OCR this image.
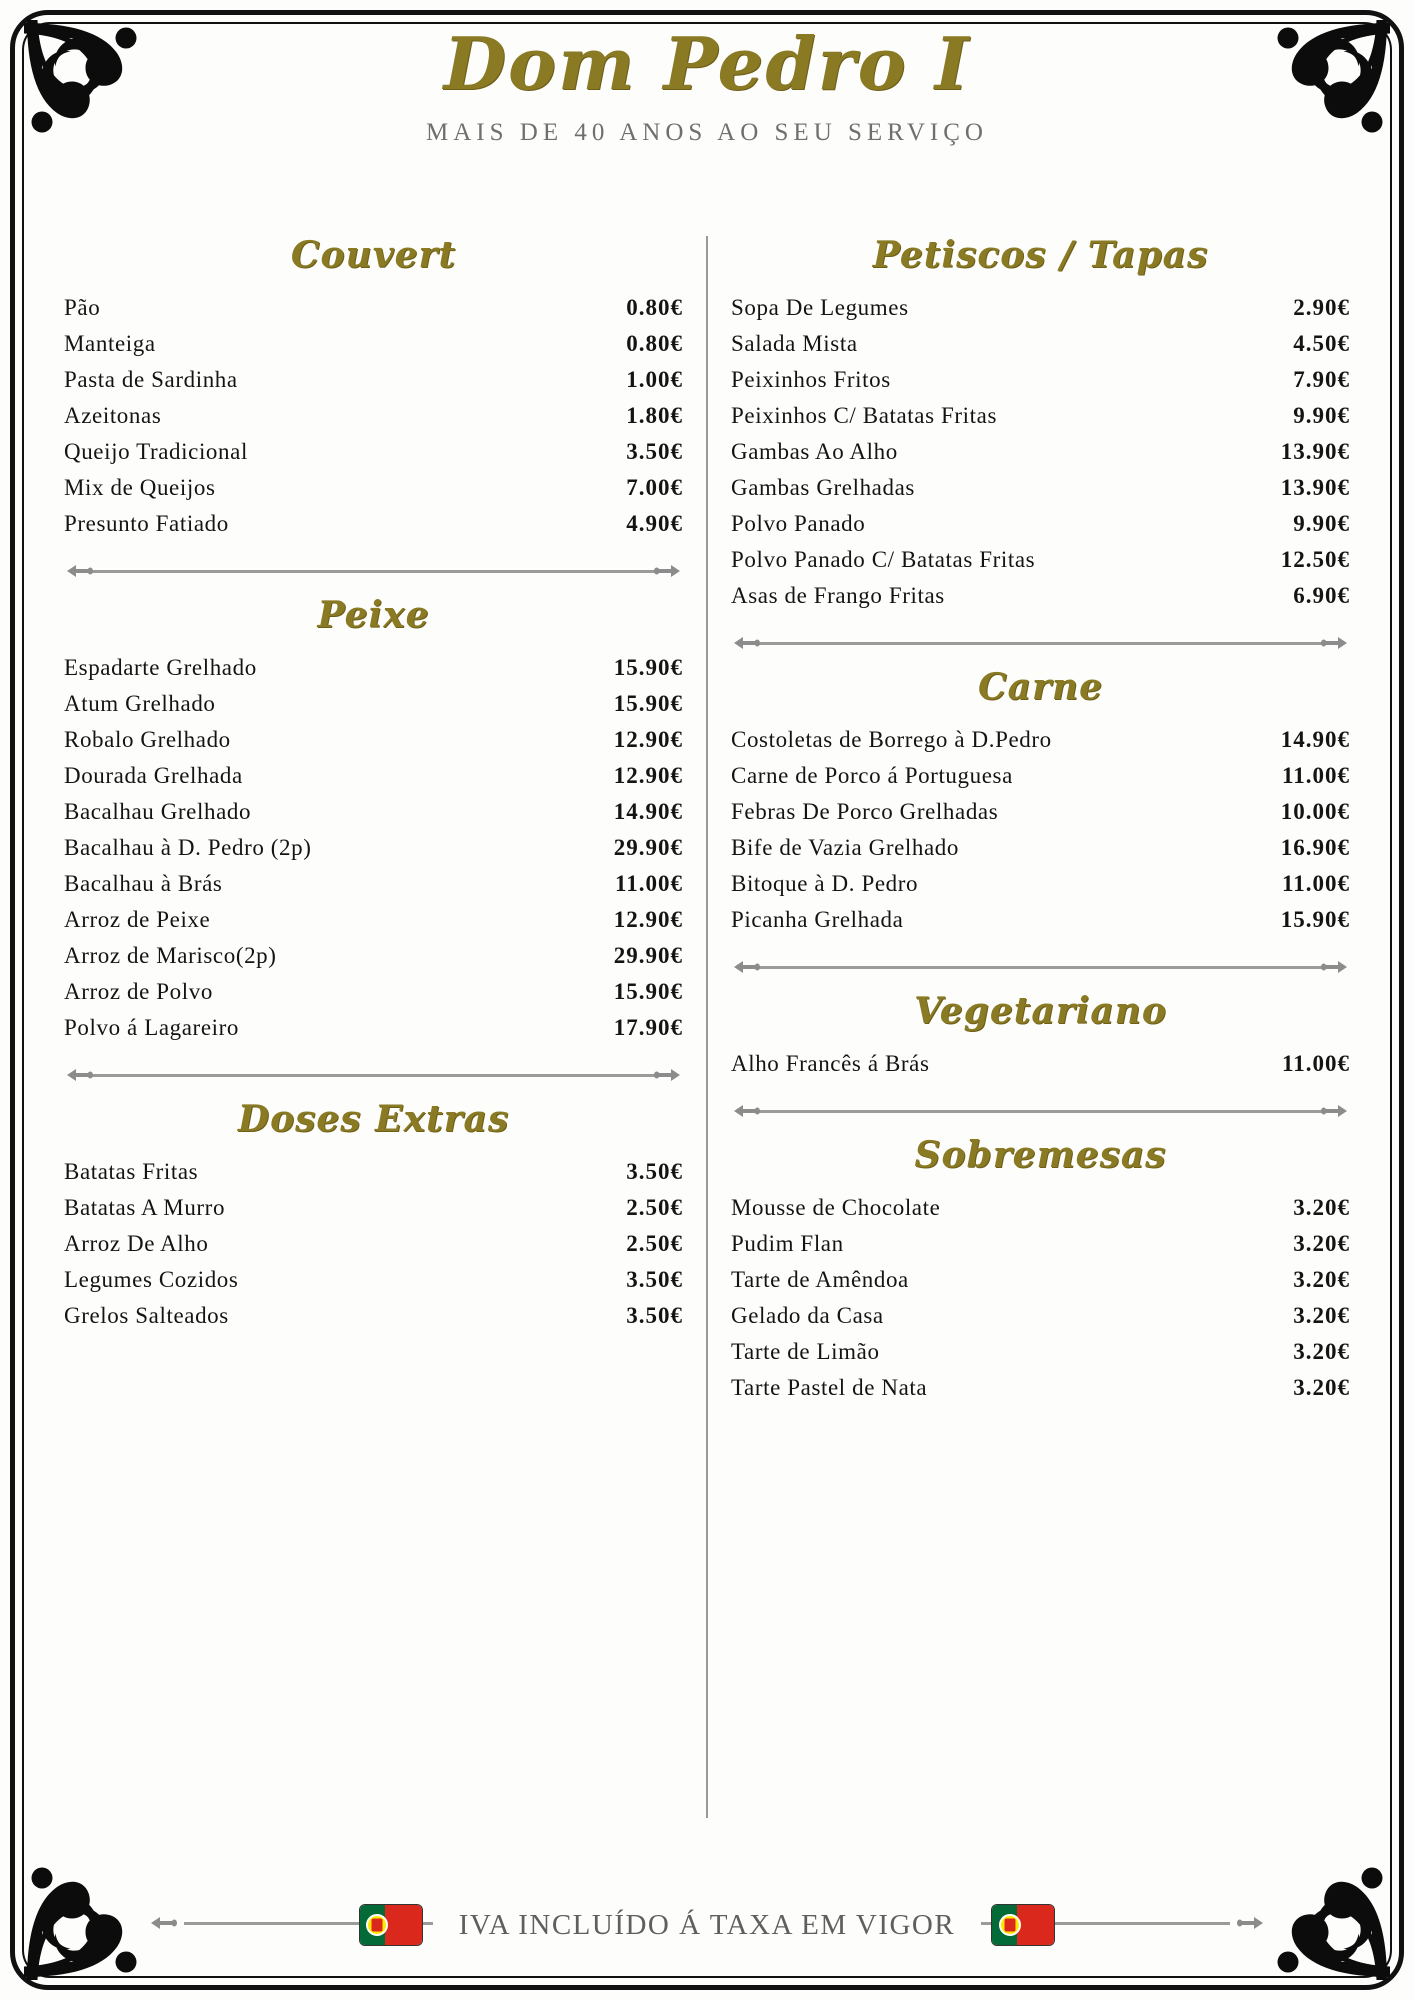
Dom Pedro I
MAIS DE 40 ANOS AO SEU SERVIÇO
Couvert
Pão	0.80€
Manteiga	0.80€
Pasta de Sardinha	1.00€
Azeitonas	1.80€
Queijo Tradicional	3.50€
Mix de Queijos	7.00€
Presunto Fatiado	4.90€
Peixe
Espadarte Grelhado	15.90€
Atum Grelhado	15.90€
Robalo Grelhado	12.90€
Dourada Grelhada	12.90€
Bacalhau Grelhado	14.90€
Bacalhau à D. Pedro (2p)	29.90€
Bacalhau à Brás	11.00€
Arroz de Peixe	12.90€
Arroz de Marisco(2p)	29.90€
Arroz de Polvo	15.90€
Polvo á Lagareiro	17.90€
Doses Extras
Batatas Fritas	3.50€
Batatas A Murro	2.50€
Arroz De Alho	2.50€
Legumes Cozidos	3.50€
Grelos Salteados	3.50€
Petiscos / Tapas
Sopa De Legumes	2.90€
Salada Mista	4.50€
Peixinhos Fritos	7.90€
Peixinhos C/ Batatas Fritas	9.90€
Gambas Ao Alho	13.90€
Gambas Grelhadas	13.90€
Polvo Panado	9.90€
Polvo Panado C/ Batatas Fritas	12.50€
Asas de Frango Fritas	6.90€
Carne
Costoletas de Borrego à D.Pedro	14.90€
Carne de Porco á Portuguesa	11.00€
Febras De Porco Grelhadas	10.00€
Bife de Vazia Grelhado	16.90€
Bitoque à D. Pedro	11.00€
Picanha Grelhada	15.90€
Vegetariano
Alho Francês á Brás	11.00€
Sobremesas
Mousse de Chocolate	3.20€
Pudim Flan	3.20€
Tarte de Amêndoa	3.20€
Gelado da Casa	3.20€
Tarte de Limão	3.20€
Tarte Pastel de Nata	3.20€
IVA INCLUÍDO Á TAXA EM VIGOR
